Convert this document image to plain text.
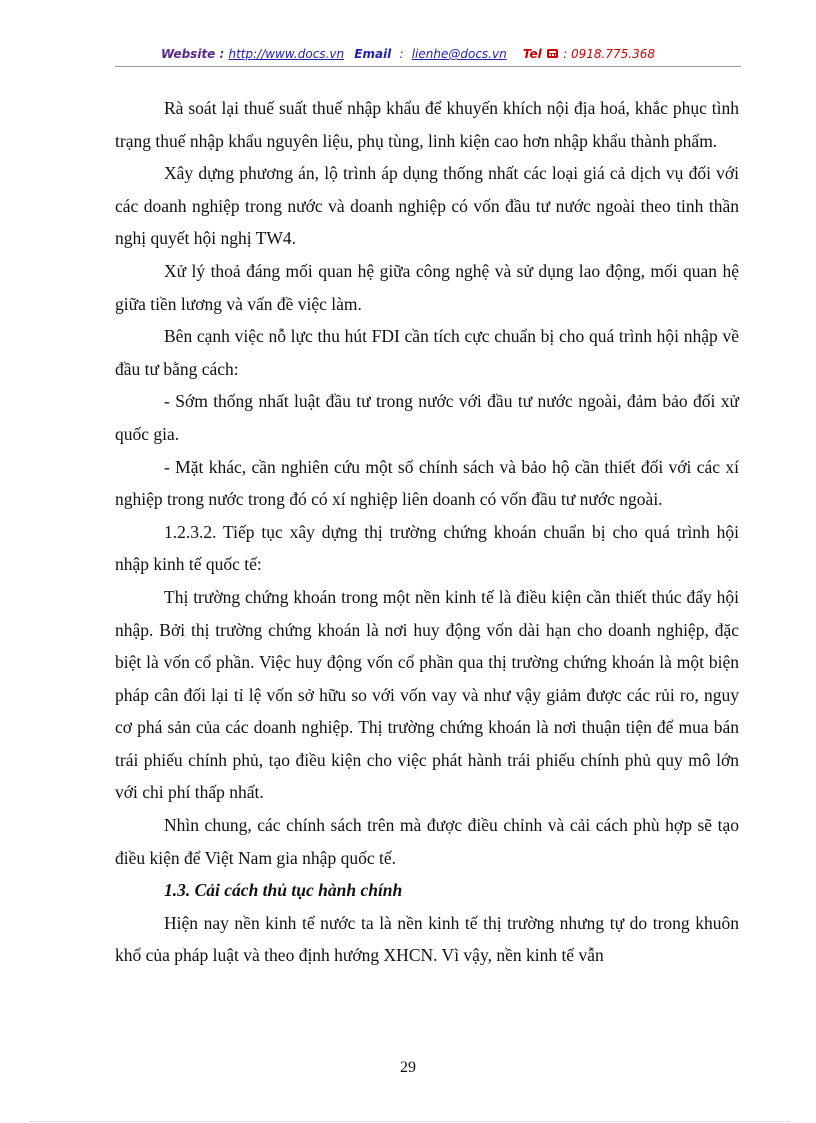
Website : http://www.docs.vn Email : lienhe@docs.vn Tel : 0918.775.368

Rà soát lại thuế suất thuế nhập khẩu để khuyến khích nội địa hoá, khắc phục tình trạng thuế nhập khẩu nguyên liệu, phụ tùng, linh kiện cao hơn nhập khẩu thành phẩm.

Xây dựng phương án, lộ trình áp dụng thống nhất các loại giá cả dịch vụ đối với các doanh nghiệp trong nước và doanh nghiệp có vốn đầu tư nước ngoài theo tinh thần nghị quyết hội nghị TW4.

Xử lý thoả đáng mối quan hệ giữa công nghệ và sử dụng lao động, mối quan hệ giữa tiền lương và vấn đề việc làm.

Bên cạnh việc nỗ lực thu hút FDI cần tích cực chuẩn bị cho quá trình hội nhập về đầu tư bằng cách:

- Sớm thống nhất luật đầu tư trong nước với đầu tư nước ngoài, đảm bảo đối xử quốc gia.

- Mặt khác, cần nghiên cứu một số chính sách và bảo hộ cần thiết đối với các xí nghiệp trong nước trong đó có xí nghiệp liên doanh có vốn đầu tư nước ngoài.

1.2.3.2. Tiếp tục xây dựng thị trường chứng khoán chuẩn bị cho quá trình hội nhập kinh tế quốc tế:

Thị trường chứng khoán trong một nền kinh tế là điều kiện cần thiết thúc đẩy hội nhập. Bởi thị trường chứng khoán là nơi huy động vốn dài hạn cho doanh nghiệp, đặc biệt là vốn cổ phần. Việc huy động vốn cổ phần qua thị trường chứng khoán là một biện pháp cân đối lại tỉ lệ vốn sở hữu so với vốn vay và như vậy giảm được các rủi ro, nguy cơ phá sản của các doanh nghiệp. Thị trường chứng khoán là nơi thuận tiện để mua bán trái phiếu chính phủ, tạo điều kiện cho việc phát hành trái phiếu chính phủ quy mô lớn với chi phí thấp nhất.

Nhìn chung, các chính sách trên mà được điều chỉnh và cải cách phù hợp sẽ tạo điều kiện để Việt Nam gia nhập quốc tế.

1.3. Cải cách thủ tục hành chính

Hiện nay nền kinh tế nước ta là nền kinh tế thị trường nhưng tự do trong khuôn khổ của pháp luật và theo định hướng XHCN. Vì vậy, nền kinh tế vẫn

29
